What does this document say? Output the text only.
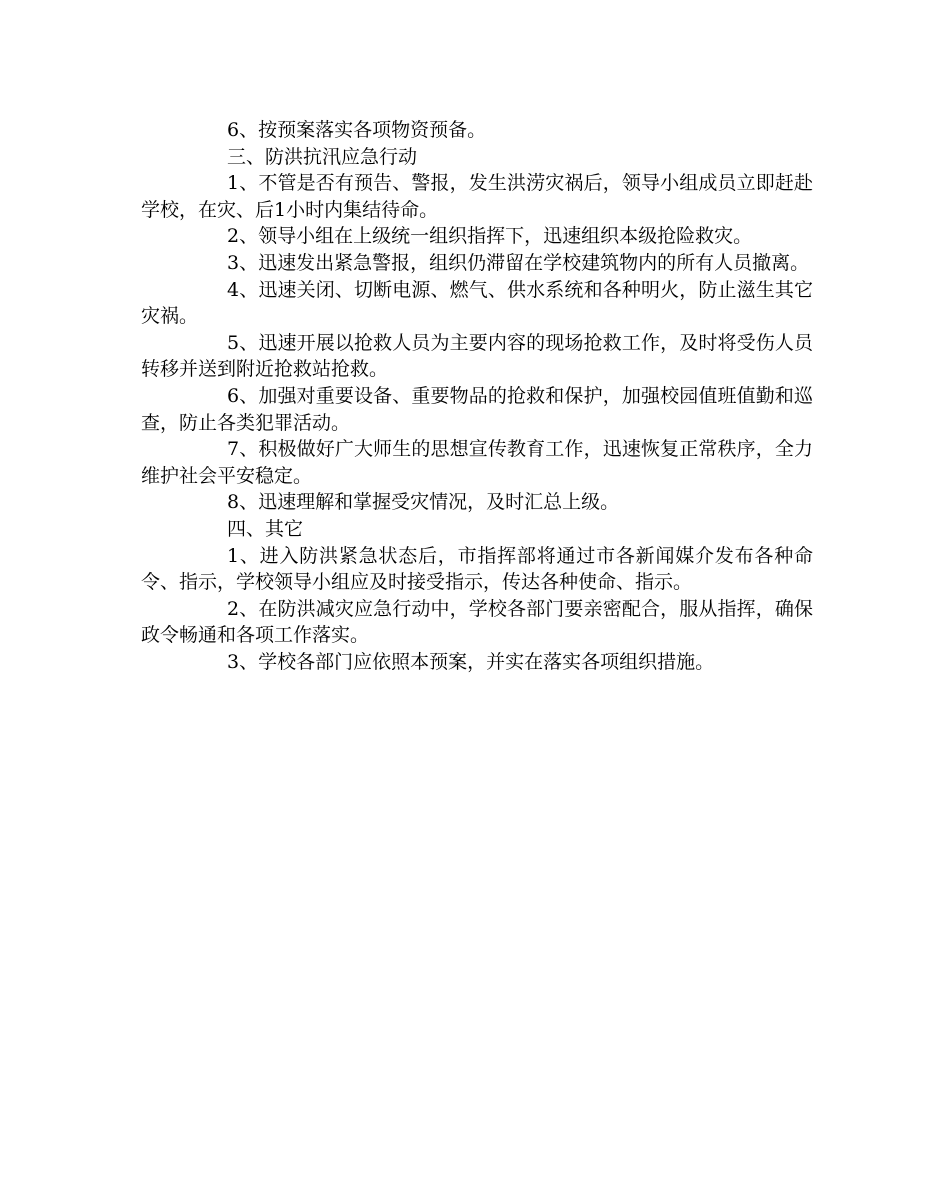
6、按预案落实各项物资预备。

三、防洪抗汛应急行动

1、不管是否有预告、警报，发生洪涝灾祸后，领导小组成员立即赶赴学校，在灾、后1小时内集结待命。

2、领导小组在上级统一组织指挥下，迅速组织本级抢险救灾。

3、迅速发出紧急警报，组织仍滞留在学校建筑物内的所有人员撤离。

4、迅速关闭、切断电源、燃气、供水系统和各种明火，防止滋生其它灾祸。

5、迅速开展以抢救人员为主要内容的现场抢救工作，及时将受伤人员转移并送到附近抢救站抢救。

6、加强对重要设备、重要物品的抢救和保护，加强校园值班值勤和巡查，防止各类犯罪活动。

7、积极做好广大师生的思想宣传教育工作，迅速恢复正常秩序，全力维护社会平安稳定。

8、迅速理解和掌握受灾情况，及时汇总上级。

四、其它

1、进入防洪紧急状态后，市指挥部将通过市各新闻媒介发布各种命令、指示，学校领导小组应及时接受指示，传达各种使命、指示。

2、在防洪减灾应急行动中，学校各部门要亲密配合，服从指挥，确保政令畅通和各项工作落实。

3、学校各部门应依照本预案，并实在落实各项组织措施。
